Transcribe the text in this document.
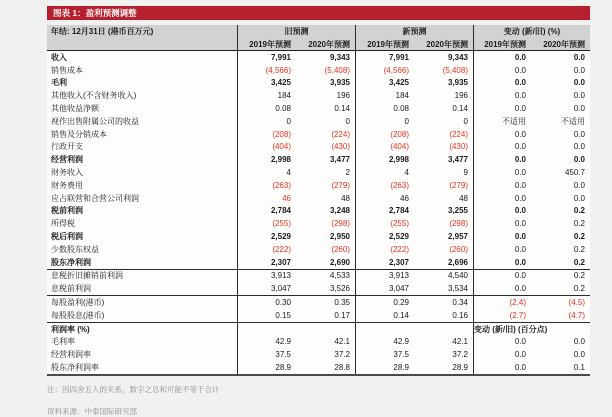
图表 1：盈利预测调整
年结: 12月31日 (港币百万元)	旧预测	新预测	变动 (新/旧) (%)
2019年预测	2020年预测	2019年预测	2020年预测	2019年预测	2020年预测
收入	7,991	9,343	7,991	9,343	0.0	0.0
销售成本	(4,566)	(5,408)	(4,566)	(5,408)	0.0	0.0
毛利	3,425	3,935	3,425	3,935	0.0	0.0
其他收入(不含财务收入)	184	196	184	196	0.0	0.0
其他收益净额	0.08	0.14	0.08	0.14	0.0	0.0
视作出售附属公司的收益	0	0	0	0	不适用	不适用
销售及分销成本	(208)	(224)	(208)	(224)	0.0	0.0
行政开支	(404)	(430)	(404)	(430)	0.0	0.0
经营利润	2,998	3,477	2,998	3,477	0.0	0.0
财务收入	4	2	4	9	0.0	450.7
财务费用	(263)	(279)	(263)	(279)	0.0	0.0
应占联营和合营公司利润	46	48	46	48	0.0	0.0
税前利润	2,784	3,248	2,784	3,255	0.0	0.2
所得税	(255)	(298)	(255)	(298)	0.0	0.2
税后利润	2,529	2,950	2,529	2,957	0.0	0.2
少数股东权益	(222)	(260)	(222)	(260)	0.0	0.2
股东净利润	2,307	2,690	2,307	2,696	0.0	0.2
息税折旧摊销前利润	3,913	4,533	3,913	4,540	0.0	0.2
息税前利润	3,047	3,526	3,047	3,534	0.0	0.2
每股盈利(港币)	0.30	0.35	0.29	0.34	(2.4)	(4.5)
每股股息(港币)	0.15	0.17	0.14	0.16	(2.7)	(4.7)
利润率 (%)	变动 (新/旧) (百分点)
毛利率	42.9	42.1	42.9	42.1	0.0	0.0
经营利润率	37.5	37.2	37.5	37.2	0.0	0.0
股东净利润率	28.9	28.8	28.9	28.9	0.0	0.1
注：因四舍五入的关系，数字之总和可能不等于合计
资料来源：中泰国际研究部
